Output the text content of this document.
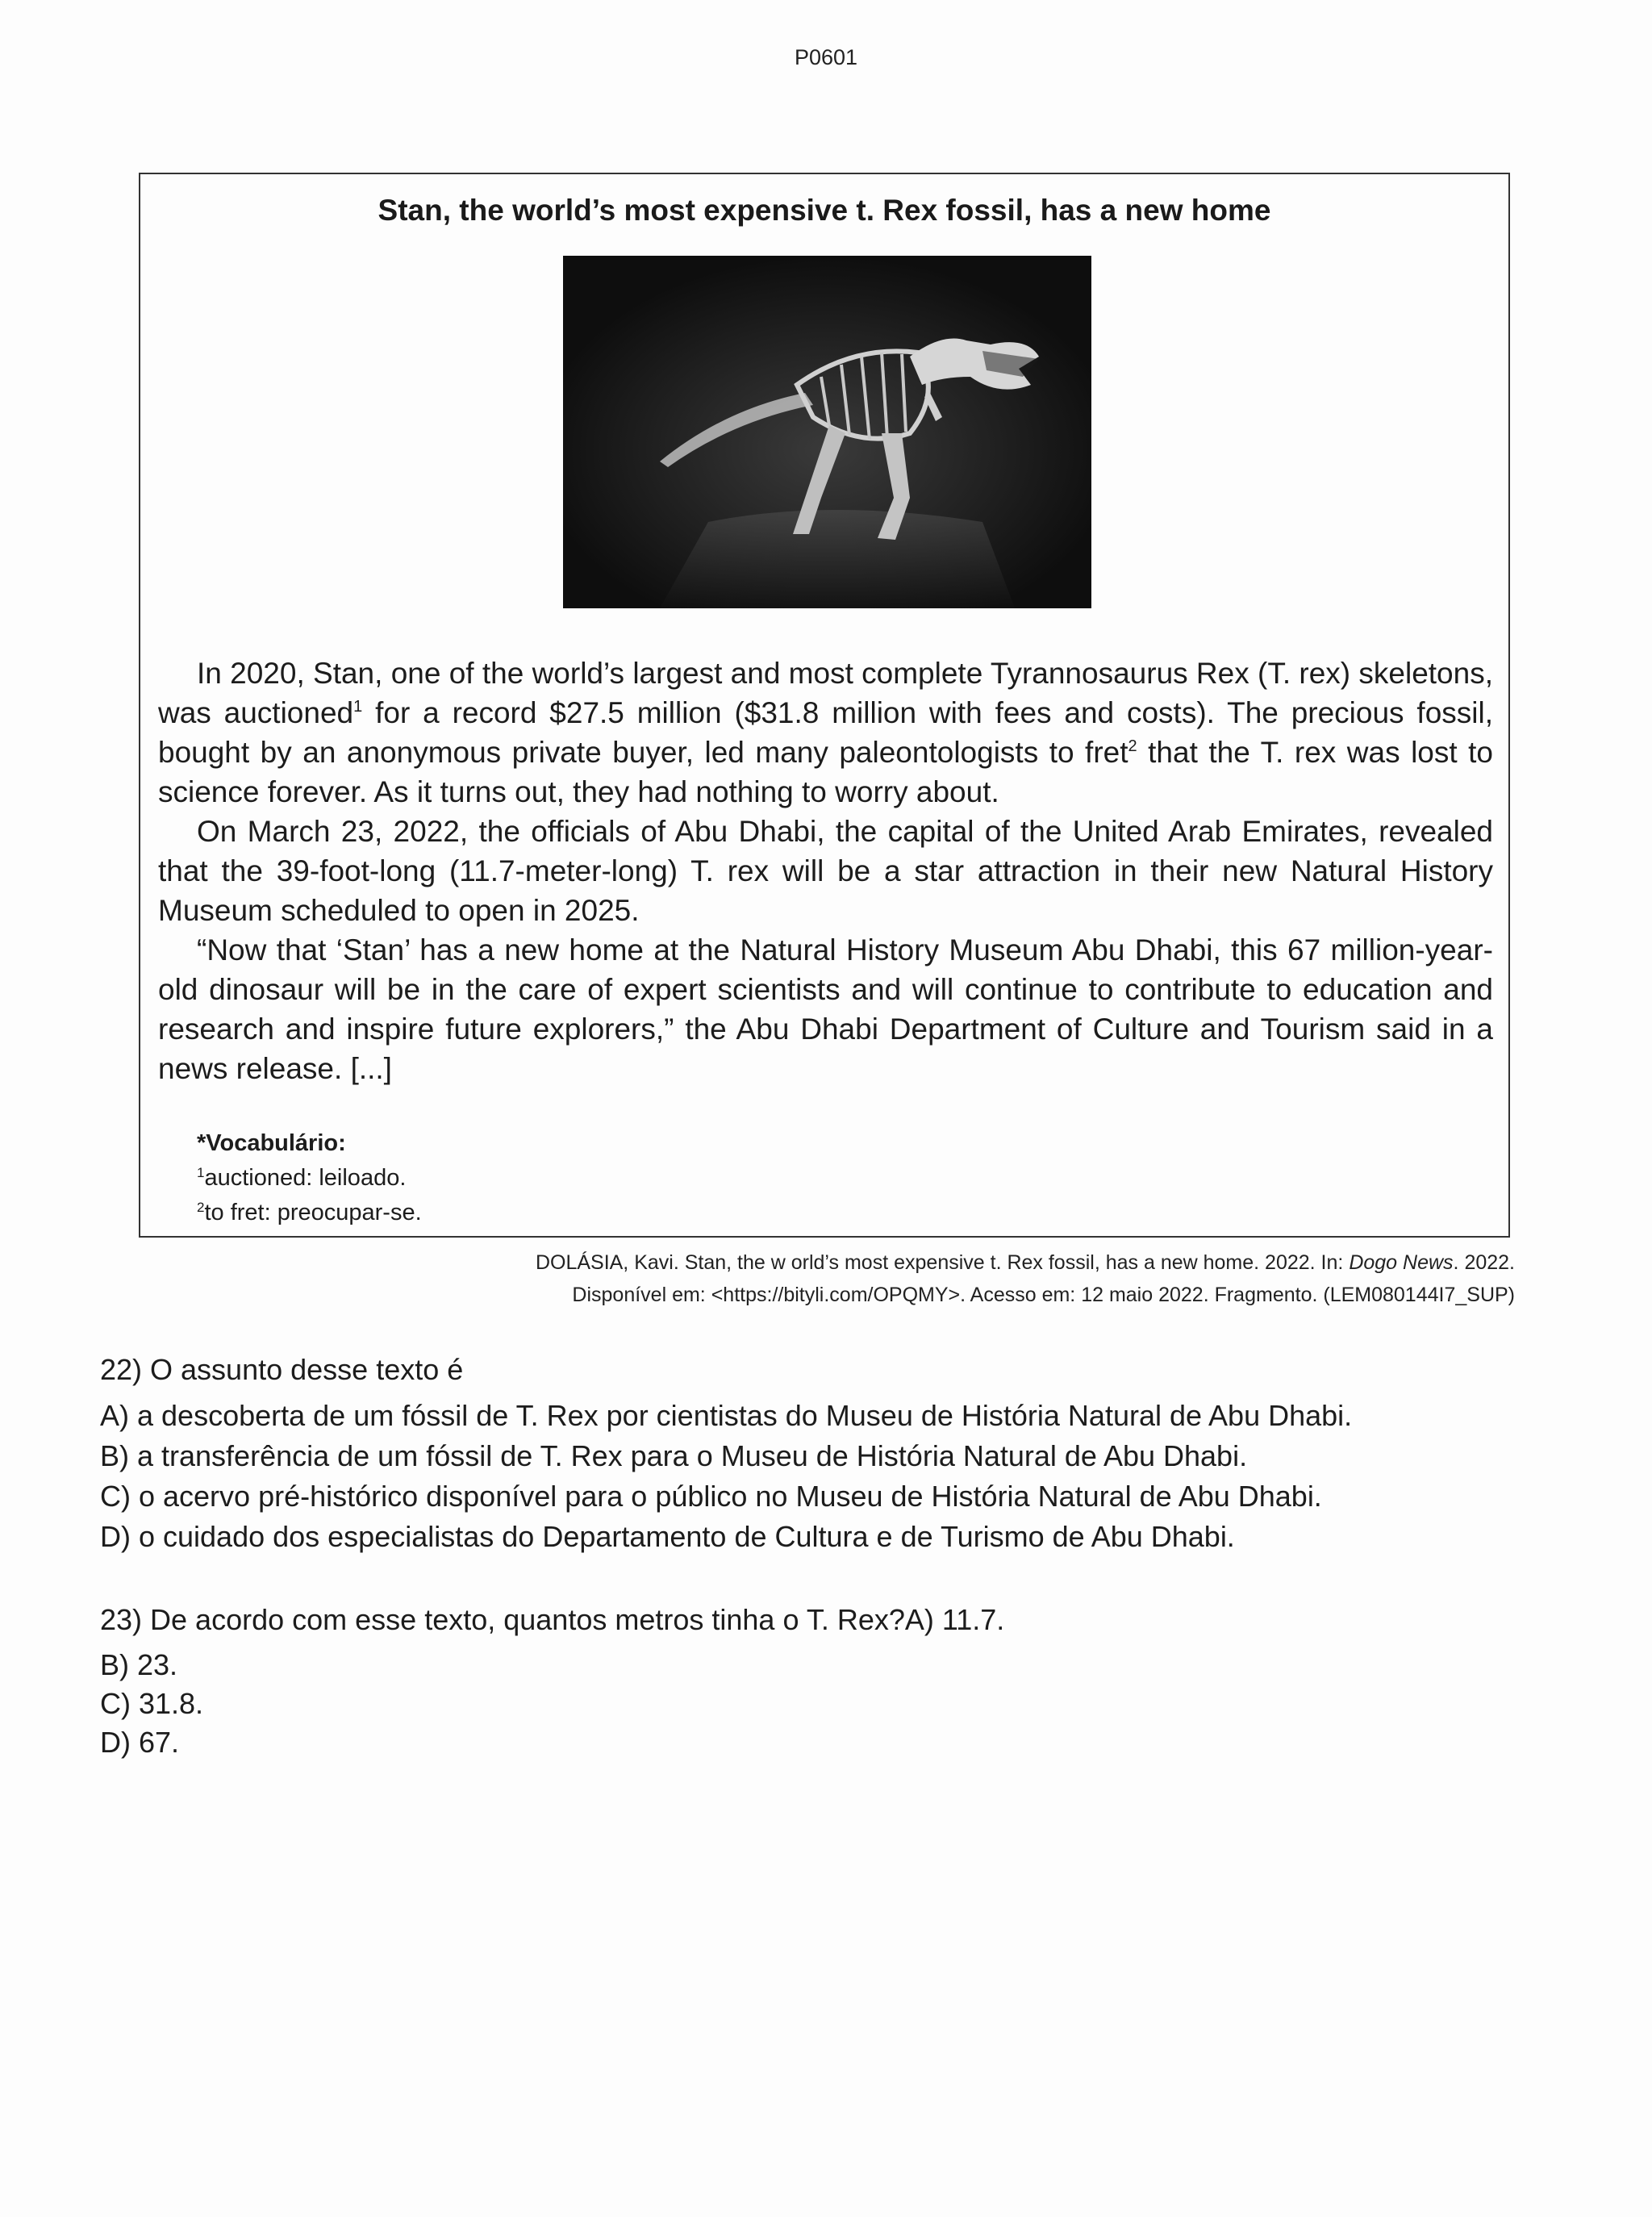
P0601
Stan, the world’s most expensive t. Rex fossil, has a new home

In 2020, Stan, one of the world’s largest and most complete Tyrannosaurus Rex (T. rex) skeletons, was auctioned$^1$ for a record $27.5 million ($31.8 million with fees and costs). The precious fossil, bought by an anonymous private buyer, led many paleontologists to fret$^2$ that the T. rex was lost to science forever. As it turns out, they had nothing to worry about.

On March 23, 2022, the officials of Abu Dhabi, the capital of the United Arab Emirates, revealed that the 39-foot-long (11.7-meter-long) T. rex will be a star attraction in their new Natural History Museum scheduled to open in 2025.

“Now that ‘Stan’ has a new home at the Natural History Museum Abu Dhabi, this 67 million-year-old dinosaur will be in the care of expert scientists and will continue to contribute to education and research and inspire future explorers,” the Abu Dhabi Department of Culture and Tourism said in a news release. [...]

*Vocabulário:
$^1$auctioned: leiloado.
$^2$to fret: preocupar-se.
DOLÁSIA, Kavi. Stan, the w orld’s most expensive t. Rex fossil, has a new home. 2022. In: Dogo News. 2022.
Disponível em: <https://bityli.com/OPQMY>. Acesso em: 12 maio 2022. Fragmento. (LEM080144I7_SUP)
22) O assunto desse texto é
A) a descoberta de um fóssil de T. Rex por cientistas do Museu de História Natural de Abu Dhabi.
B) a transferência de um fóssil de T. Rex para o Museu de História Natural de Abu Dhabi.
C) o acervo pré-histórico disponível para o público no Museu de História Natural de Abu Dhabi.
D) o cuidado dos especialistas do Departamento de Cultura e de Turismo de Abu Dhabi.
23) De acordo com esse texto, quantos metros tinha o T. Rex?A) 11.7.
B) 23.
C) 31.8.
D) 67.
